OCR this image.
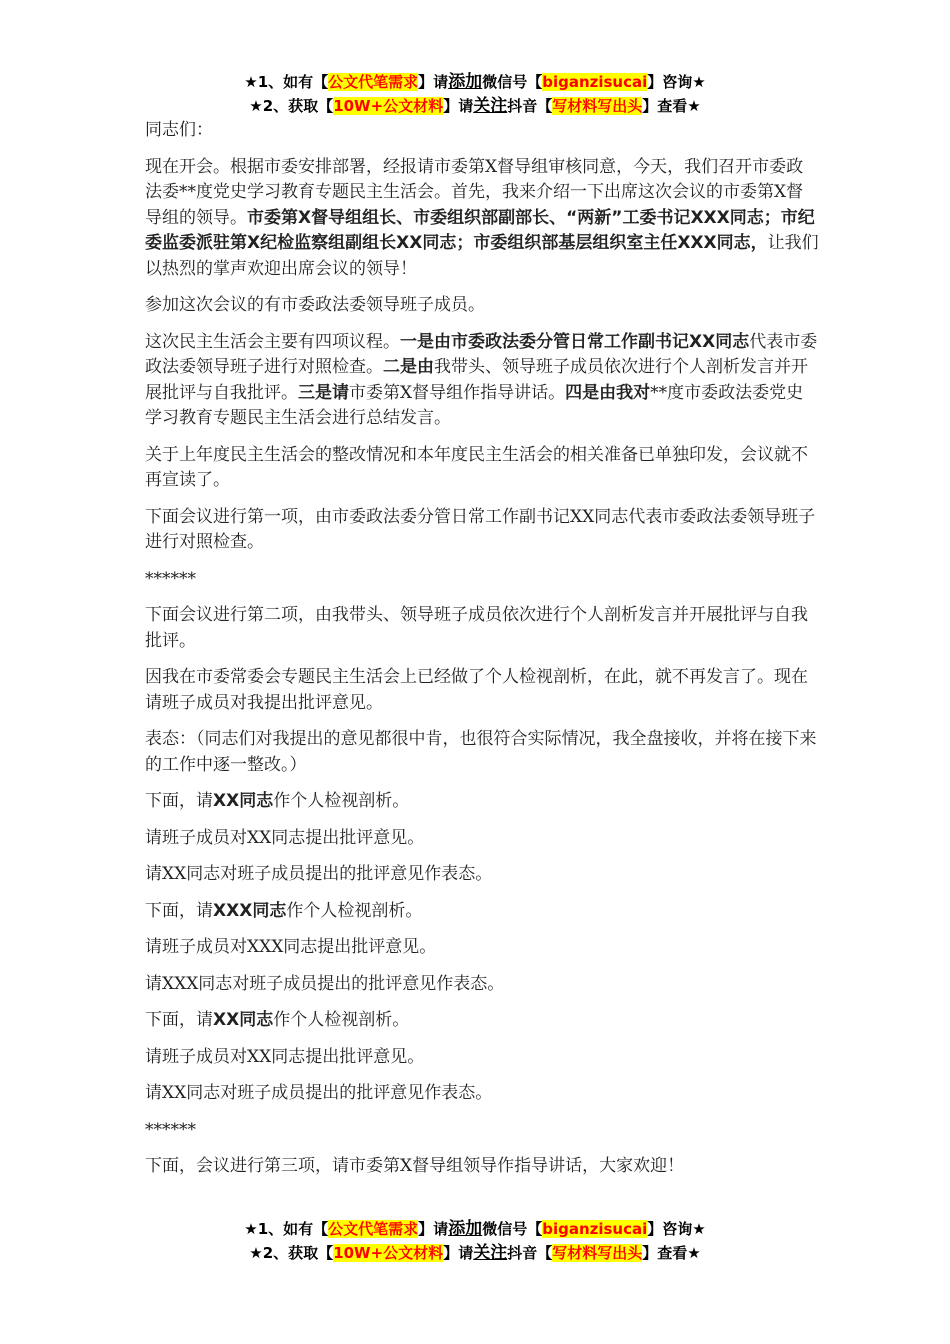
★1、如有【公文代笔需求】请添加微信号【biganzisucai】咨询★
★2、获取【10W+公文材料】请关注抖音【写材料写出头】查看★

同志们：

现在开会。根据市委安排部署，经报请市委第X督导组审核同意，今天，我们召开市委政法委**度党史学习教育专题民主生活会。首先，我来介绍一下出席这次会议的市委第X督导组的领导。市委第X督导组组长、市委组织部副部长、“两新”工委书记XXX同志；市纪委监委派驻第X纪检监察组副组长XX同志；市委组织部基层组织室主任XXX同志，让我们以热烈的掌声欢迎出席会议的领导！

参加这次会议的有市委政法委领导班子成员。

这次民主生活会主要有四项议程。一是由市委政法委分管日常工作副书记XX同志代表市委政法委领导班子进行对照检查。二是由我带头、领导班子成员依次进行个人剖析发言并开展批评与自我批评。三是请市委第X督导组作指导讲话。四是由我对**度市委政法委党史学习教育专题民主生活会进行总结发言。

关于上年度民主生活会的整改情况和本年度民主生活会的相关准备已单独印发，会议就不再宣读了。

下面会议进行第一项，由市委政法委分管日常工作副书记XX同志代表市委政法委领导班子进行对照检查。

******

下面会议进行第二项，由我带头、领导班子成员依次进行个人剖析发言并开展批评与自我批评。

因我在市委常委会专题民主生活会上已经做了个人检视剖析，在此，就不再发言了。现在请班子成员对我提出批评意见。

表态：（同志们对我提出的意见都很中肯，也很符合实际情况，我全盘接收，并将在接下来的工作中逐一整改。）

下面，请XX同志作个人检视剖析。

请班子成员对XX同志提出批评意见。

请XX同志对班子成员提出的批评意见作表态。

下面，请XXX同志作个人检视剖析。

请班子成员对XXX同志提出批评意见。

请XXX同志对班子成员提出的批评意见作表态。

下面，请XX同志作个人检视剖析。

请班子成员对XX同志提出批评意见。

请XX同志对班子成员提出的批评意见作表态。

******

下面，会议进行第三项，请市委第X督导组领导作指导讲话，大家欢迎！

★1、如有【公文代笔需求】请添加微信号【biganzisucai】咨询★
★2、获取【10W+公文材料】请关注抖音【写材料写出头】查看★
